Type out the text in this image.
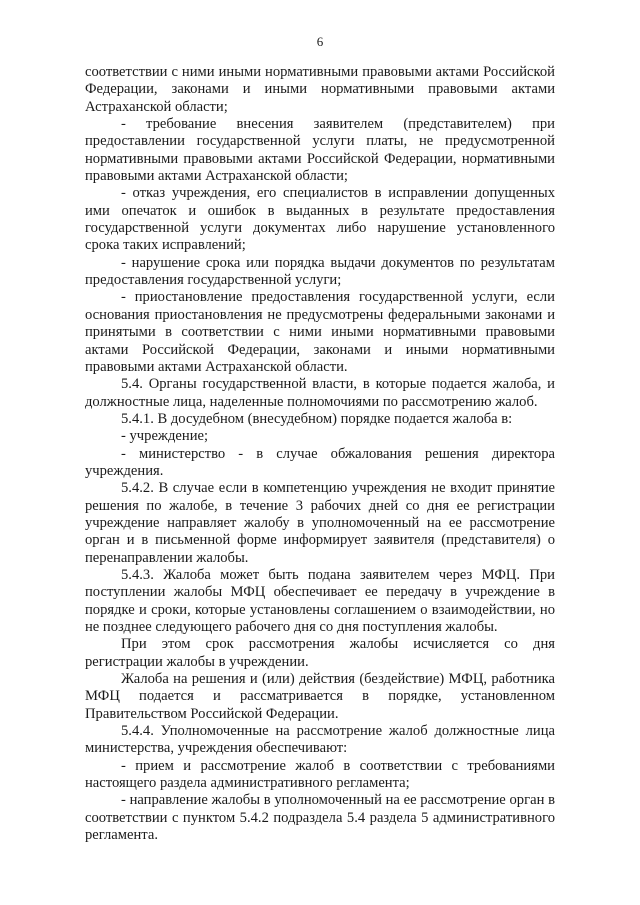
6

соответствии с ними иными нормативными правовыми актами Российской Федерации, законами и иными нормативными правовыми актами Астраханской области;

- требование внесения заявителем (представителем) при предоставлении государственной услуги платы, не предусмотренной нормативными правовыми актами Российской Федерации, нормативными правовыми актами Астраханской области;

- отказ учреждения, его специалистов в исправлении допущенных ими опечаток и ошибок в выданных в результате предоставления государственной услуги документах либо нарушение установленного срока таких исправлений;

- нарушение срока или порядка выдачи документов по результатам предоставления государственной услуги;

- приостановление предоставления государственной услуги, если основания приостановления не предусмотрены федеральными законами и принятыми в соответствии с ними иными нормативными правовыми актами Российской Федерации, законами и иными нормативными правовыми актами Астраханской области.

5.4. Органы государственной власти, в которые подается жалоба, и должностные лица, наделенные полномочиями по рассмотрению жалоб.

5.4.1. В досудебном (внесудебном) порядке подается жалоба в:

- учреждение;

- министерство - в случае обжалования решения директора учреждения.

5.4.2. В случае если в компетенцию учреждения не входит принятие решения по жалобе, в течение 3 рабочих дней со дня ее регистрации учреждение направляет жалобу в уполномоченный на ее рассмотрение орган и в письменной форме информирует заявителя (представителя) о перенаправлении жалобы.

5.4.3. Жалоба может быть подана заявителем через МФЦ. При поступлении жалобы МФЦ обеспечивает ее передачу в учреждение в порядке и сроки, которые установлены соглашением о взаимодействии, но не позднее следующего рабочего дня со дня поступления жалобы.

При этом срок рассмотрения жалобы исчисляется со дня регистрации жалобы в учреждении.

Жалоба на решения и (или) действия (бездействие) МФЦ, работника МФЦ подается и рассматривается в порядке, установленном Правительством Российской Федерации.

5.4.4. Уполномоченные на рассмотрение жалоб должностные лица министерства, учреждения обеспечивают:

- прием и рассмотрение жалоб в соответствии с требованиями настоящего раздела административного регламента;

- направление жалобы в уполномоченный на ее рассмотрение орган в соответствии с пунктом 5.4.2 подраздела 5.4 раздела 5 административного регламента.
